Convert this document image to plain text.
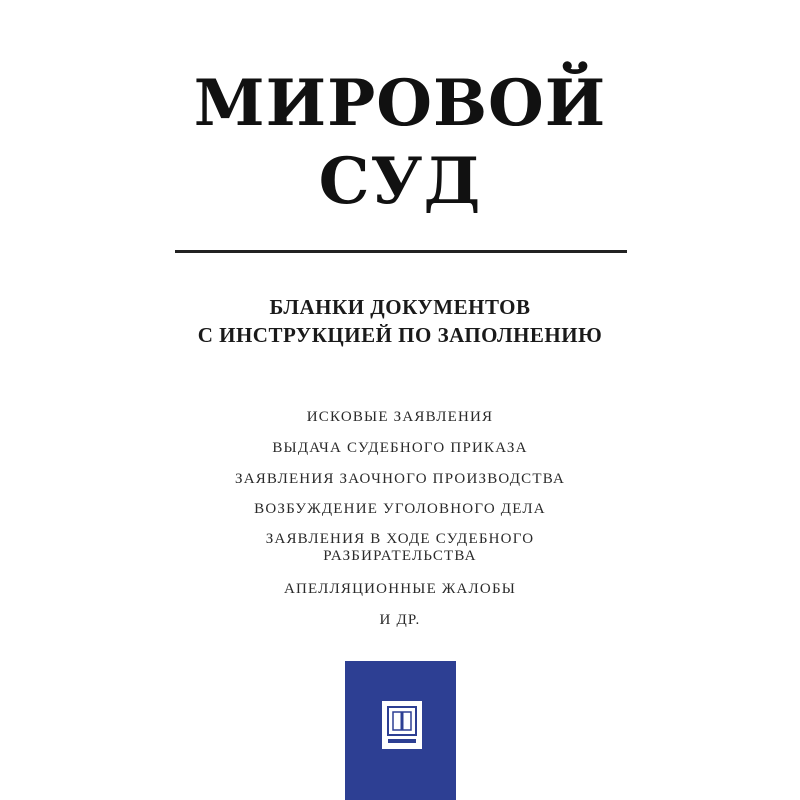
МИРОВОЙ
СУД
БЛАНКИ ДОКУМЕНТОВ
С ИНСТРУКЦИЕЙ ПО ЗАПОЛНЕНИЮ
ИСКОВЫЕ ЗАЯВЛЕНИЯ
ВЫДАЧА СУДЕБНОГО ПРИКАЗА
ЗАЯВЛЕНИЯ ЗАОЧНОГО ПРОИЗВОДСТВА
ВОЗБУЖДЕНИЕ УГОЛОВНОГО ДЕЛА
ЗАЯВЛЕНИЯ В ХОДЕ СУДЕБНОГО
РАЗБИРАТЕЛЬСТВА
АПЕЛЛЯЦИОННЫЕ ЖАЛОБЫ
И ДР.
